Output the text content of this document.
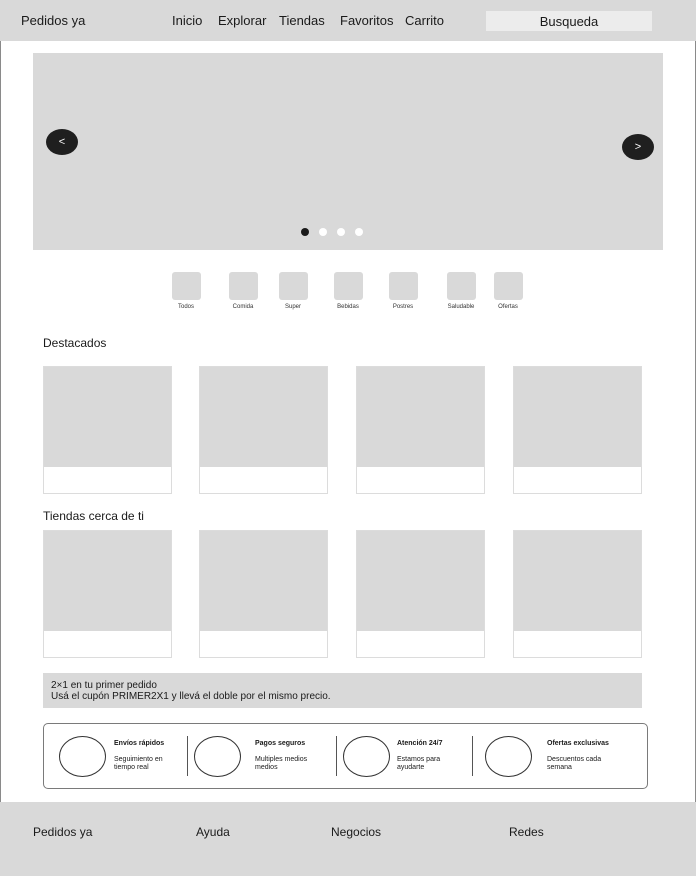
Pedidos ya	Inicio Explorar Tiendas Favoritos Carrito
Busqueda
<	>
Todos	Comida	Super	Bebidas	Postres	Saludable	Ofertas
Destacados
Tiendas cerca de ti
2×1 en tu primer pedido
Usá el cupón PRIMER2X1 y llevá el doble por el mismo precio.
Envíos rápidos
Seguimiento en tiempo real
Pagos seguros
Multiples medios medios
Atención 24/7
Estamos para ayudarte
Ofertas exclusivas
Descuentos cada semana
Pedidos ya	Ayuda	Negocios	Redes
